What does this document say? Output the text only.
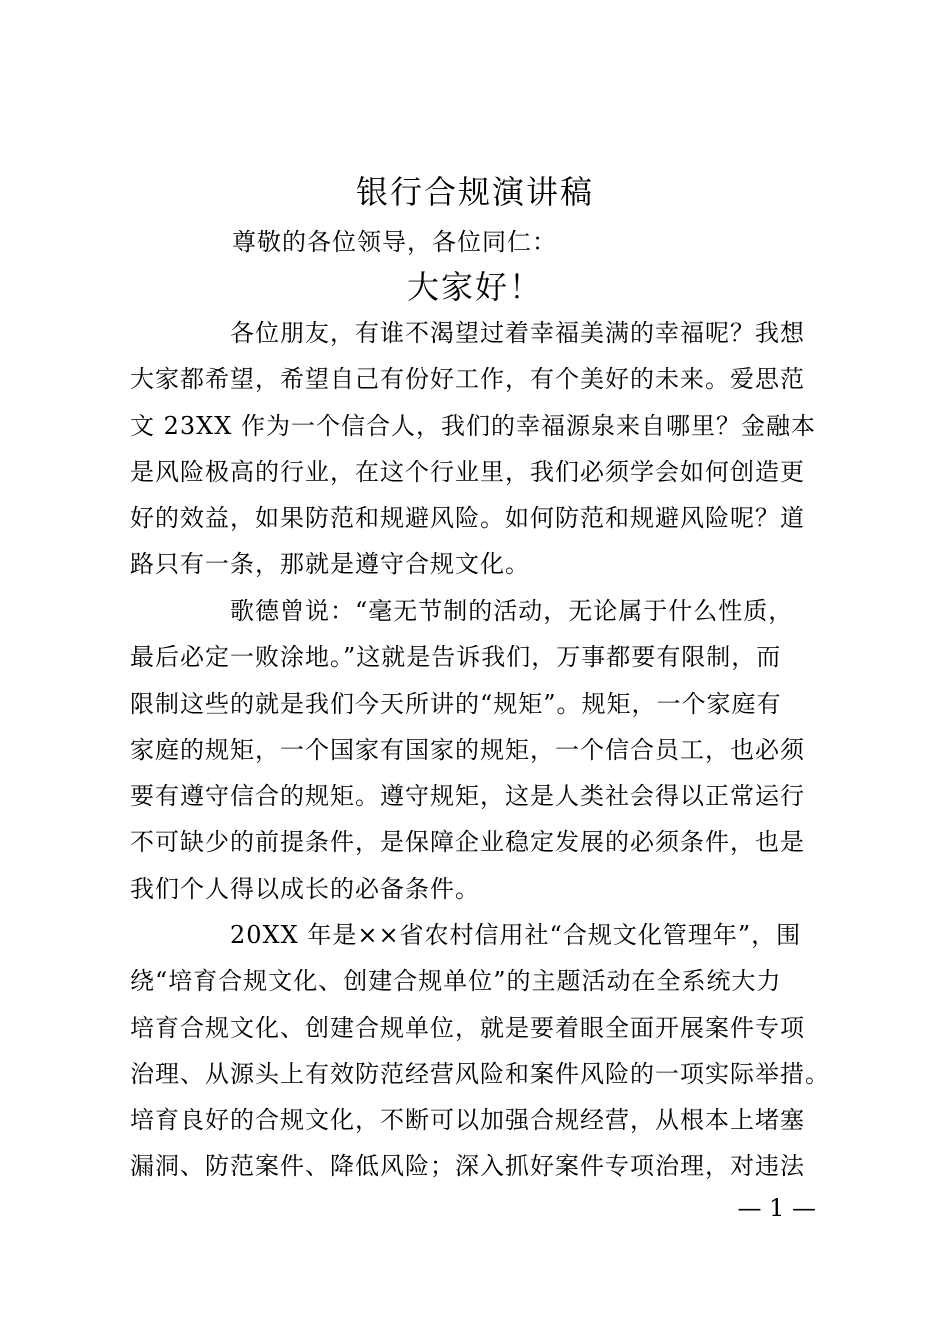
银行合规演讲稿
尊敬的各位领导，各位同仁：
大家好！
各位朋友，有谁不渴望过着幸福美满的幸福呢？我想
大家都希望，希望自己有份好工作，有个美好的未来。爱思范
文 23XX 作为一个信合人，我们的幸福源泉来自哪里？金融本
是风险极高的行业，在这个行业里，我们必须学会如何创造更
好的效益，如果防范和规避风险。如何防范和规避风险呢？道
路只有一条，那就是遵守合规文化。
歌德曾说：“毫无节制的活动，无论属于什么性质，
最后必定一败涂地。”这就是告诉我们，万事都要有限制，而
限制这些的就是我们今天所讲的“规矩”。规矩，一个家庭有
家庭的规矩，一个国家有国家的规矩，一个信合员工，也必须
要有遵守信合的规矩。遵守规矩，这是人类社会得以正常运行
不可缺少的前提条件，是保障企业稳定发展的必须条件，也是
我们个人得以成长的必备条件。
20XX 年是××省农村信用社“合规文化管理年”，围
绕“培育合规文化、创建合规单位”的主题活动在全系统大力
培育合规文化、创建合规单位，就是要着眼全面开展案件专项
治理、从源头上有效防范经营风险和案件风险的一项实际举措。
培育良好的合规文化，不断可以加强合规经营，从根本上堵塞
漏洞、防范案件、降低风险；深入抓好案件专项治理，对违法
— 1 —
